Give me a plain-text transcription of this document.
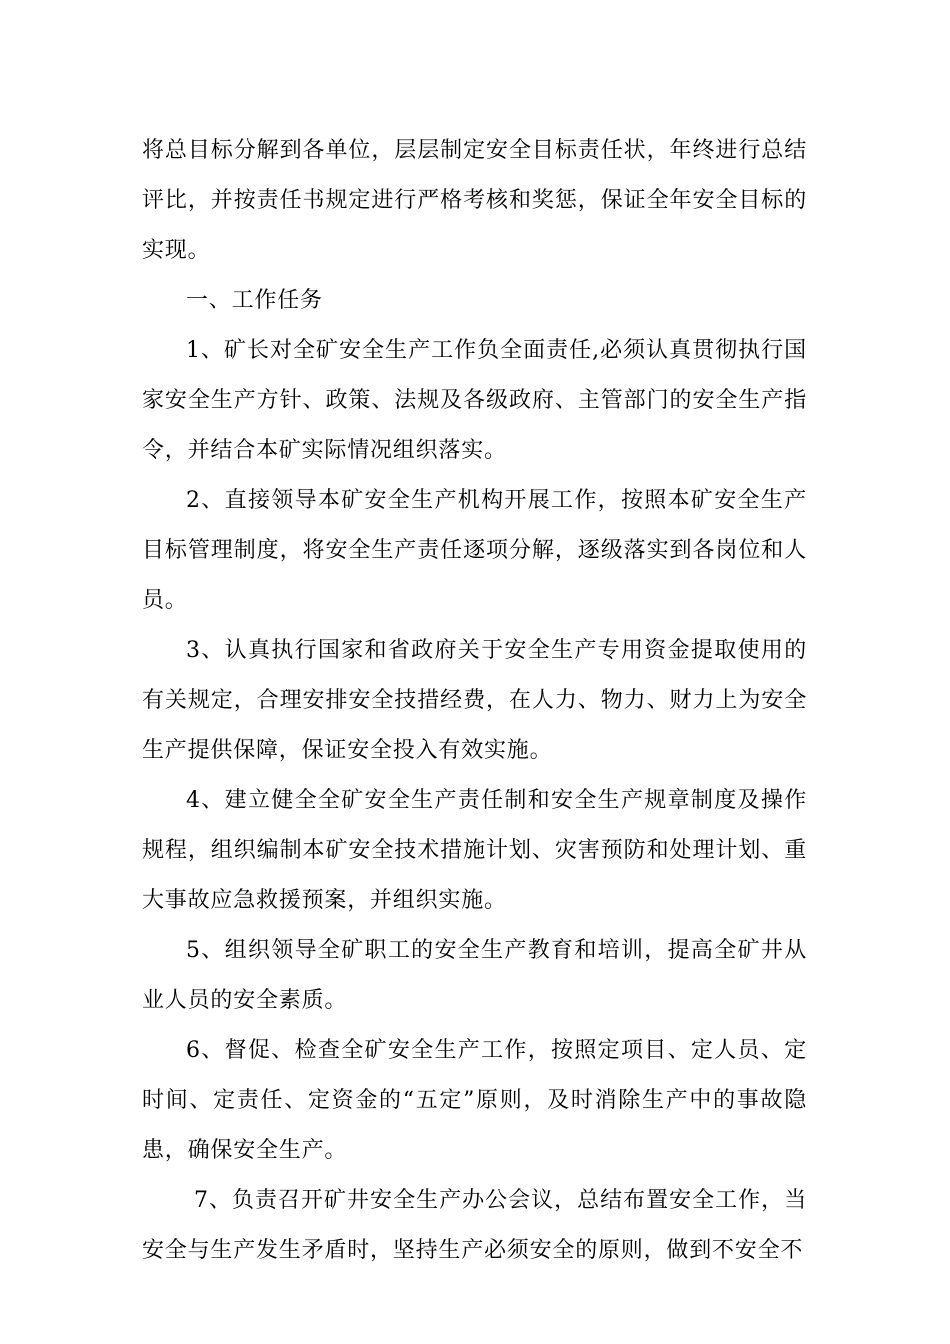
将总目标分解到各单位，层层制定安全目标责任状，年终进行总结评比，并按责任书规定进行严格考核和奖惩，保证全年安全目标的实现。

一、工作任务

1、矿长对全矿安全生产工作负全面责任,必须认真贯彻执行国家安全生产方针、政策、法规及各级政府、主管部门的安全生产指令，并结合本矿实际情况组织落实。

2、直接领导本矿安全生产机构开展工作，按照本矿安全生产目标管理制度，将安全生产责任逐项分解，逐级落实到各岗位和人员。

3、认真执行国家和省政府关于安全生产专用资金提取使用的有关规定，合理安排安全技措经费，在人力、物力、财力上为安全生产提供保障，保证安全投入有效实施。

4、建立健全全矿安全生产责任制和安全生产规章制度及操作规程，组织编制本矿安全技术措施计划、灾害预防和处理计划、重大事故应急救援预案，并组织实施。

5、组织领导全矿职工的安全生产教育和培训，提高全矿井从业人员的安全素质。

6、督促、检查全矿安全生产工作，按照定项目、定人员、定时间、定责任、定资金的“五定”原则，及时消除生产中的事故隐患，确保安全生产。

7、负责召开矿井安全生产办公会议，总结布置安全工作，当安全与生产发生矛盾时，坚持生产必须安全的原则，做到不安全不
